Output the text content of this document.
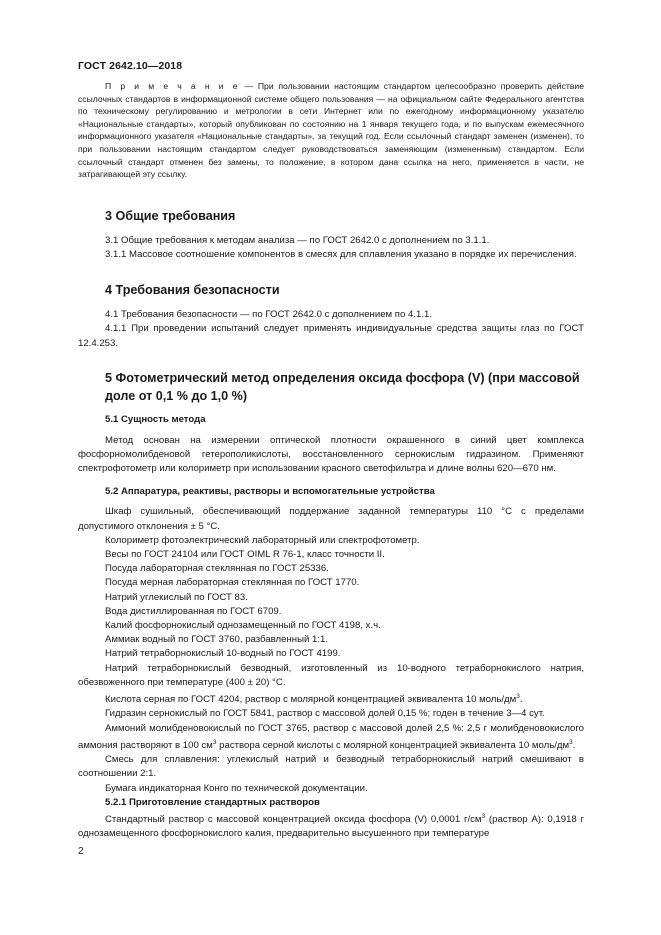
ГОСТ 2642.10—2018

П р и м е ч а н и е — При пользовании настоящим стандартом целесообразно проверить действие ссылочных стандартов в информационной системе общего пользования — на официальном сайте Федерального агентства по техническому регулированию и метрологии в сети Интернет или по ежегодному информационному указателю «Национальные стандарты», который опубликован по состоянию на 1 января текущего года, и по выпускам ежемесячного информационного указателя «Национальные стандарты», за текущий год. Если ссылочный стандарт заменен (изменен), то при пользовании настоящим стандартом следует руководствоваться заменяющим (измененным) стандартом. Если ссылочный стандарт отменен без замены, то положение, в котором дана ссылка на него, применяется в части, не затрагивающей эту ссылку.

3 Общие требования

3.1 Общие требования к методам анализа — по ГОСТ 2642.0 с дополнением по 3.1.1.

3.1.1 Массовое соотношение компонентов в смесях для сплавления указано в порядке их перечисления.

4 Требования безопасности

4.1 Требования безопасности — по ГОСТ 2642.0 с дополнением по 4.1.1.

4.1.1 При проведении испытаний следует применять индивидуальные средства защиты глаз по ГОСТ 12.4.253.

5 Фотометрический метод определения оксида фосфора (V) (при массовой доле от 0,1 % до 1,0 %)
5.1 Сущность метода

Метод основан на измерении оптической плотности окрашенного в синий цвет комплекса фосфорномолибденовой гетерополикислоты, восстановленного сернокислым гидразином. Применяют спектрофотометр или колориметр при использовании красного светофильтра и длине волны 620—670 нм.

5.2 Аппаратура, реактивы, растворы и вспомогательные устройства

Шкаф сушильный, обеспечивающий поддержание заданной температуры 110 °С с пределами допустимого отклонения ± 5 °С.

Колориметр фотоэлектрический лабораторный или спектрофотометр.

Весы по ГОСТ 24104 или ГОСТ OIML R 76-1, класс точности II.

Посуда лабораторная стеклянная по ГОСТ 25336.

Посуда мерная лабораторная стеклянная по ГОСТ 1770.

Натрий углекислый по ГОСТ 83.

Вода дистиллированная по ГОСТ 6709.

Калий фосфорнокислый однозамещенный по ГОСТ 4198, х.ч.

Аммиак водный по ГОСТ 3760, разбавленный 1:1.

Натрий тетраборнокислый 10-водный по ГОСТ 4199.

Натрий тетраборнокислый безводный, изготовленный из 10-водного тетраборнокислого натрия, обезвоженного при температуре (400 ± 20) °С.

Кислота серная по ГОСТ 4204, раствор с молярной концентрацией эквивалента 10 моль/$дм^3$.

Гидразин сернокислый по ГОСТ 5841, раствор с массовой долей 0,15 %; годен в течение 3—4 сут.

Аммоний молибденовокислый по ГОСТ 3765, раствор с массовой долей 2,5 %: 2,5 г молибденовокислого аммония растворяют в 100 $см^3$ раствора серной кислоты с молярной концентрацией эквивалента 10 моль/$дм^3$.

Смесь для сплавления: углекислый натрий и безводный тетраборнокислый натрий смешивают в соотношении 2:1.

Бумага индикаторная Конго по технической документации.

5.2.1 Приготовление стандартных растворов

Стандартный раствор с массовой концентрацией оксида фосфора (V) 0,0001 $г/см^3$ (раствор А): 0,1918 г однозамещенного фосфорнокислого калия, предварительно высушенного при температуре

2
